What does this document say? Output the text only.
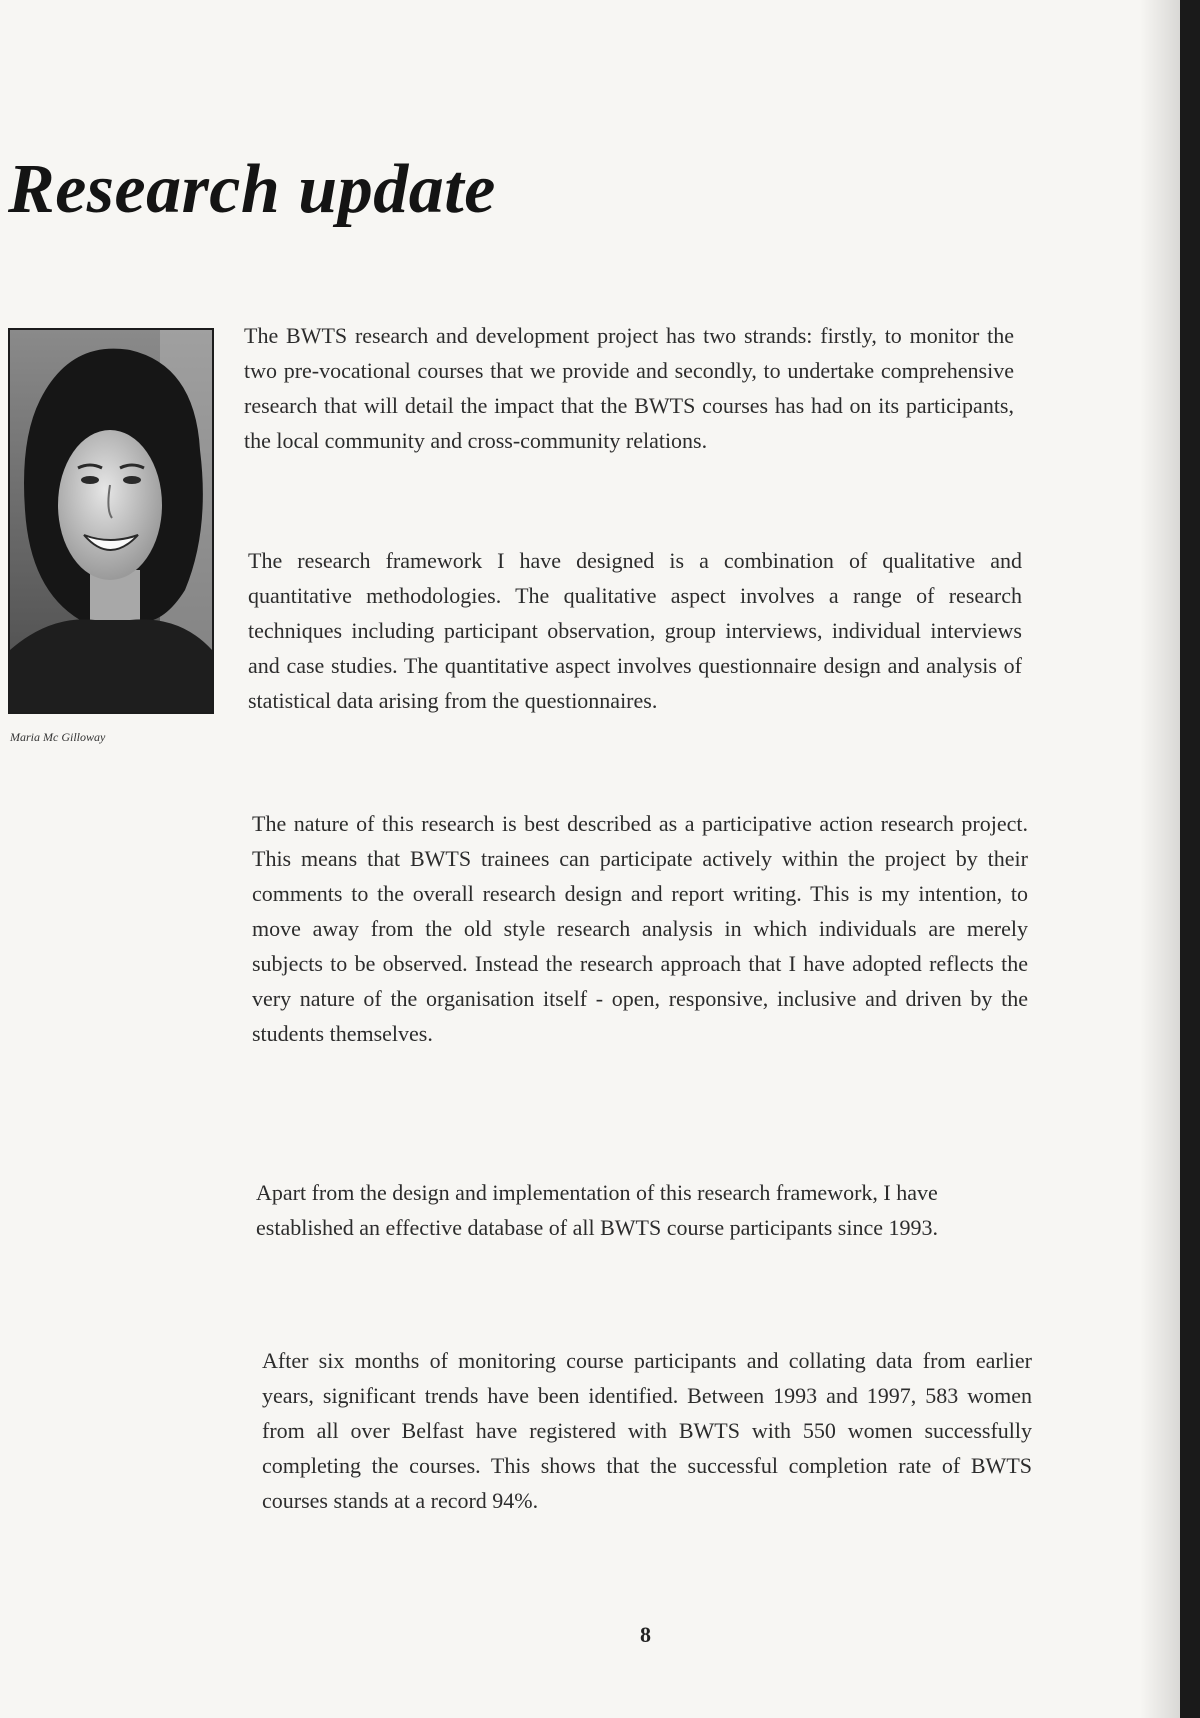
Research update

Maria Mc Gilloway

The BWTS research and development project has two strands: firstly, to monitor the two pre-vocational courses that we provide and secondly, to undertake comprehensive research that will detail the impact that the BWTS courses has had on its participants, the local community and cross-community relations.

The research framework I have designed is a combination of qualitative and quantitative methodologies. The qualitative aspect involves a range of research techniques including participant observation, group interviews, individual interviews and case studies. The quantitative aspect involves questionnaire design and analysis of statistical data arising from the questionnaires.

The nature of this research is best described as a participative action research project. This means that BWTS trainees can participate actively within the project by their comments to the overall research design and report writing. This is my intention, to move away from the old style research analysis in which individuals are merely subjects to be observed. Instead the research approach that I have adopted reflects the very nature of the organisation itself - open, responsive, inclusive and driven by the students themselves.

Apart from the design and implementation of this research framework, I have established an effective database of all BWTS course participants since 1993.

After six months of monitoring course participants and collating data from earlier years, significant trends have been identified. Between 1993 and 1997, 583 women from all over Belfast have registered with BWTS with 550 women successfully completing the courses. This shows that the successful completion rate of BWTS courses stands at a record 94%.

8
